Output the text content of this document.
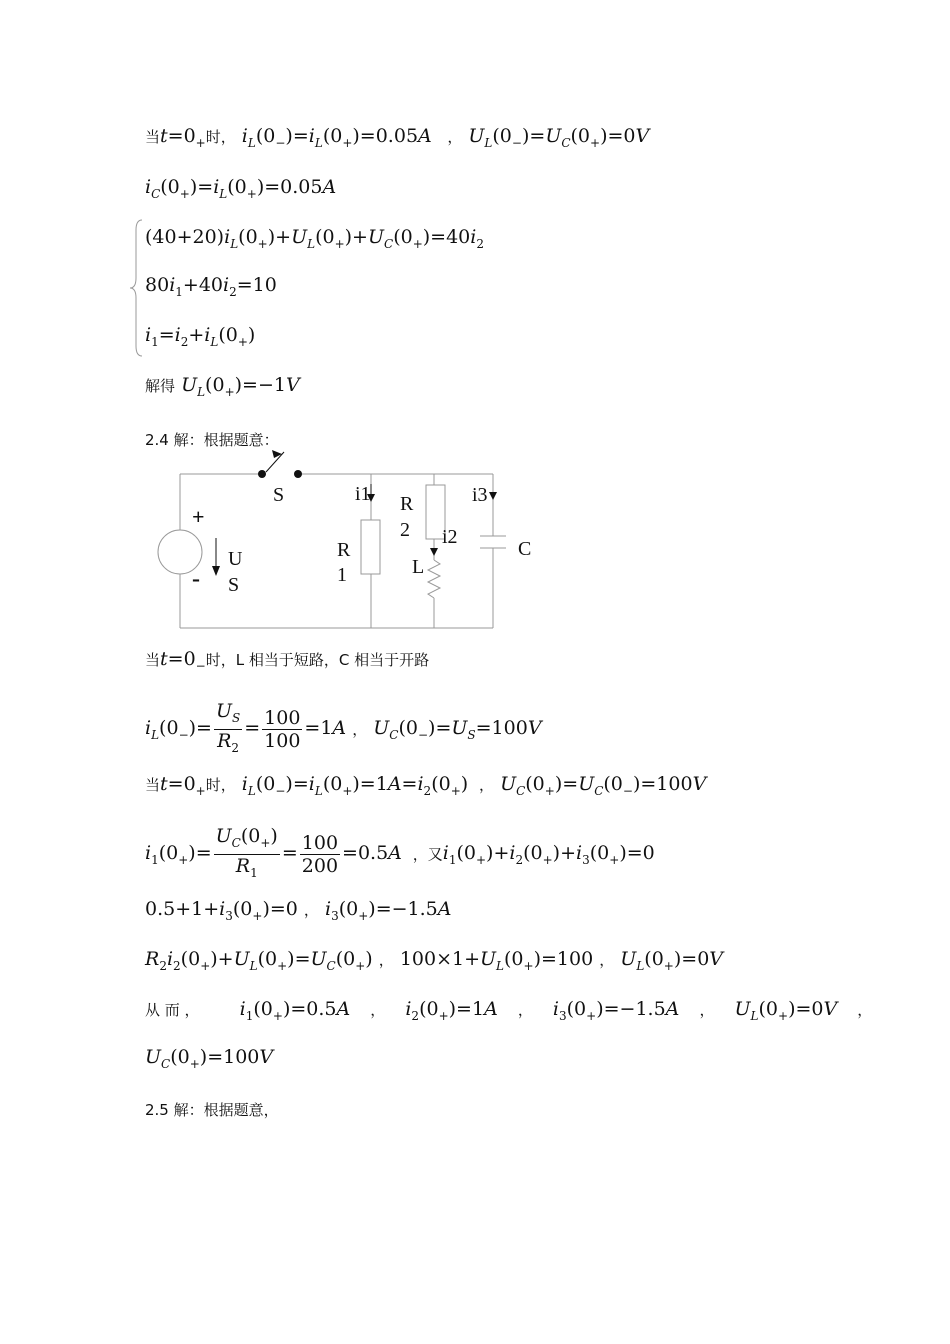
当$t=0_+$时， $i_L(0_-)=i_L(0_+)=0.05A$   ， $U_L(0_-)=U_C(0_+)=0V$
$i_C(0_+)=i_L(0_+)=0.05A$
$(40+20)i_L(0_+)+U_L(0_+)+U_C(0_+)=40i_2$
$80i_1+40i_2=10$
$i_1=i_2+i_L(0_+)$
解得 $U_L(0_+)=-1V$
2.4 解：根据题意：
S
+
-
U
S
i1
R
1
R
2 i2
L
i3
C
当$t=0_-$时，L 相当于短路，C 相当于开路
$i_L(0_-)= \frac{U_S}{R_2} = \frac{100}{100} =1A$ ， $U_C(0_-)=U_S=100V$
当$t=0_+$时， $i_L(0_-)=i_L(0_+)=1A=i_2(0_+)$  ， $U_C(0_+)=U_C(0_-)=100V$
$i_1(0_+)= \frac{U_C(0_+)}{R_1} = \frac{100}{200} =0.5A$  ，又$i_1(0_+)+i_2(0_+)+i_3(0_+)=0$
$0.5+1+i_3(0_+)=0$ ， $i_3(0_+)=-1.5A$
$R_2i_2(0_+)+U_L(0_+)=U_C(0_+)$ ， $100\times 1+U_L(0_+)=100$ ， $U_L(0_+)=0V$
从 而 ， $i_1(0_+)=0.5A$ ， $i_2(0_+)=1A$ ， $i_3(0_+)=-1.5A$ ， $U_L(0_+)=0V$ ，
$U_C(0_+)=100V$
2.5 解：根据题意，
